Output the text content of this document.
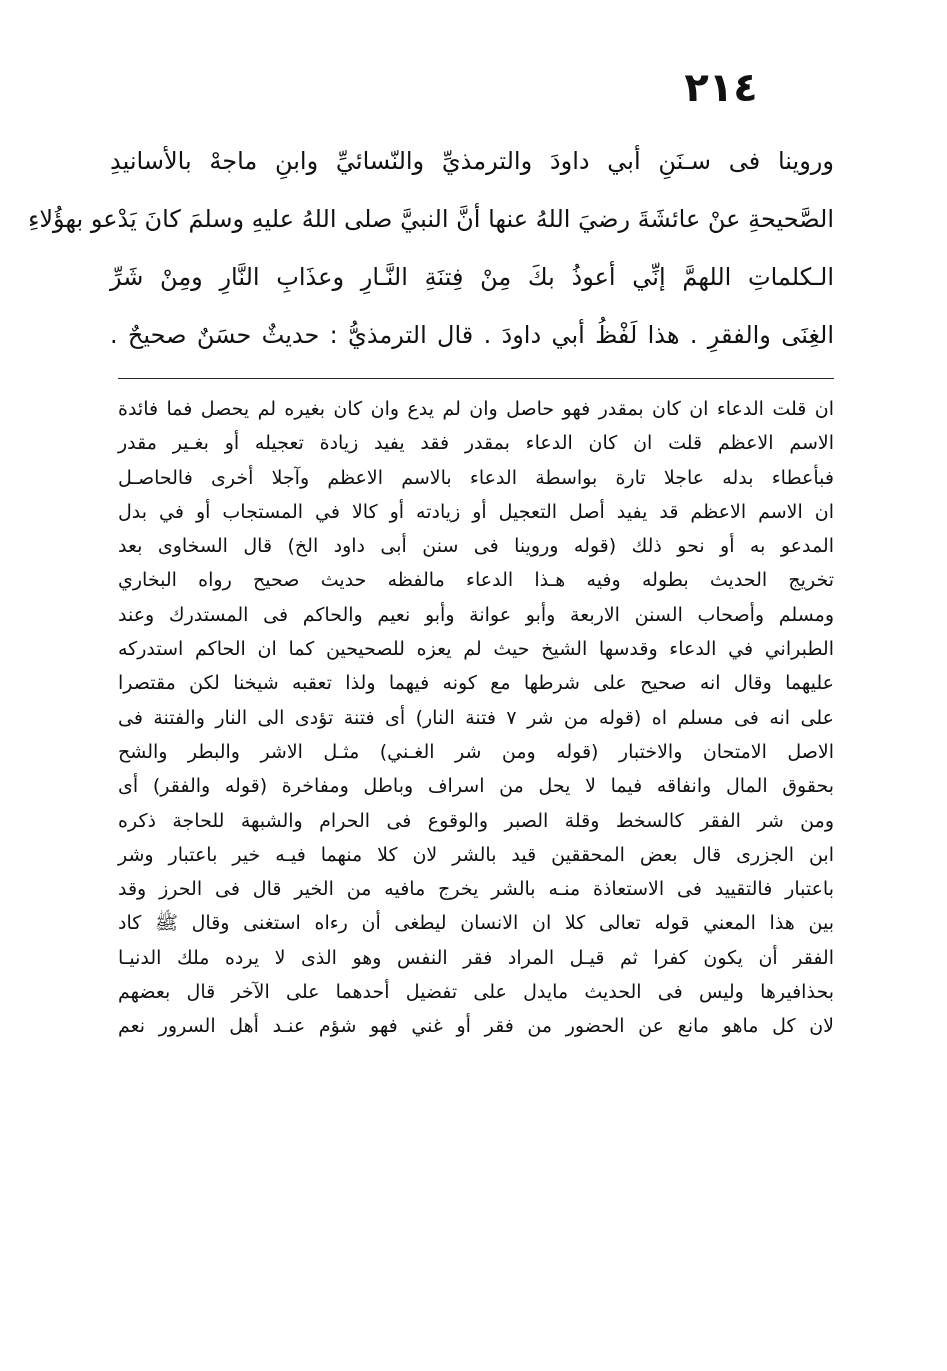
٢١٤
وروينا فى سـنَنِ أبي داودَ والترمذيِّ والنّسائيِّ وابنِ ماجهْ بالأسانيدِ
الصَّحيحةِ عنْ عائشَةَ رضيَ اللهُ عنها أنَّ النبيَّ صلى اللهُ عليهِ وسلمَ كانَ يَدْعو بهؤُلاءِ
الـكلماتِ اللهمَّ إنِّي أعوذُ بكَ مِنْ فِتنَةِ النَّـارِ وعذَابِ النَّارِ ومِنْ شَرِّ
الغِنَى والفقرِ . هذا لَفْظُ أبي داودَ . قال الترمذيُّ : حديثٌ حسَنٌ صحيحٌ .
ان قلت الدعاء ان كان بمقدر فهو حاصل وان لم يدع وان كان بغيره لم يحصل فما فائدة
الاسم الاعظم قلت ان كان الدعاء بمقدر فقد يفيد زيادة تعجيله أو بغـير مقدر
فبأعطاء بدله عاجلا تارة بواسطة الدعاء بالاسم الاعظم وآجلا أخرى فالحاصـل
ان الاسم الاعظم قد يفيد أصل التعجيل أو زيادته أو كالا في المستجاب أو في بدل
المدعو به أو نحو ذلك (قوله وروينا فى سنن أبى داود الخ) قال السخاوى بعد
تخريج الحديث بطوله وفيه هـذا الدعاء مالفظه حديث صحيح رواه البخاري
ومسلم وأصحاب السنن الاربعة وأبو عوانة وأبو نعيم والحاكم فى المستدرك وعند
الطبراني في الدعاء وقدسها الشيخ حيث لم يعزه للصحيحين كما ان الحاكم استدركه
عليهما وقال انه صحيح على شرطها مع كونه فيهما ولذا تعقبه شيخنا لكن مقتصرا
على انه فى مسلم اه (قوله من شر ٧ فتنة النار) أى فتنة تؤدى الى النار والفتنة فى
الاصل الامتحان والاختبار (قوله ومن شر الغـني) مثـل الاشر والبطر والشح
بحقوق المال وانفاقه فيما لا يحل من اسراف وباطل ومفاخرة (قوله والفقر) أى
ومن شر الفقر كالسخط وقلة الصبر والوقوع فى الحرام والشبهة للحاجة ذكره
ابن الجزرى قال بعض المحققين قيد بالشر لان كلا منهما فيـه خير باعتبار وشر
باعتبار فالتقييد فى الاستعاذة منـه بالشر يخرج مافيه من الخير قال فى الحرز وقد
بين هذا المعني قوله تعالى كلا ان الانسان ليطغى أن رءاه استغنى وقال ﷺ كاد
الفقر أن يكون كفرا ثم قيـل المراد فقر النفس وهو الذى لا يرده ملك الدنيـا
بحذافيرها وليس فى الحديث مايدل على تفضيل أحدهما على الآخر قال بعضهم
لان كل ماهو مانع عن الحضور من فقر أو غني فهو شؤم عنـد أهل السرور نعم
